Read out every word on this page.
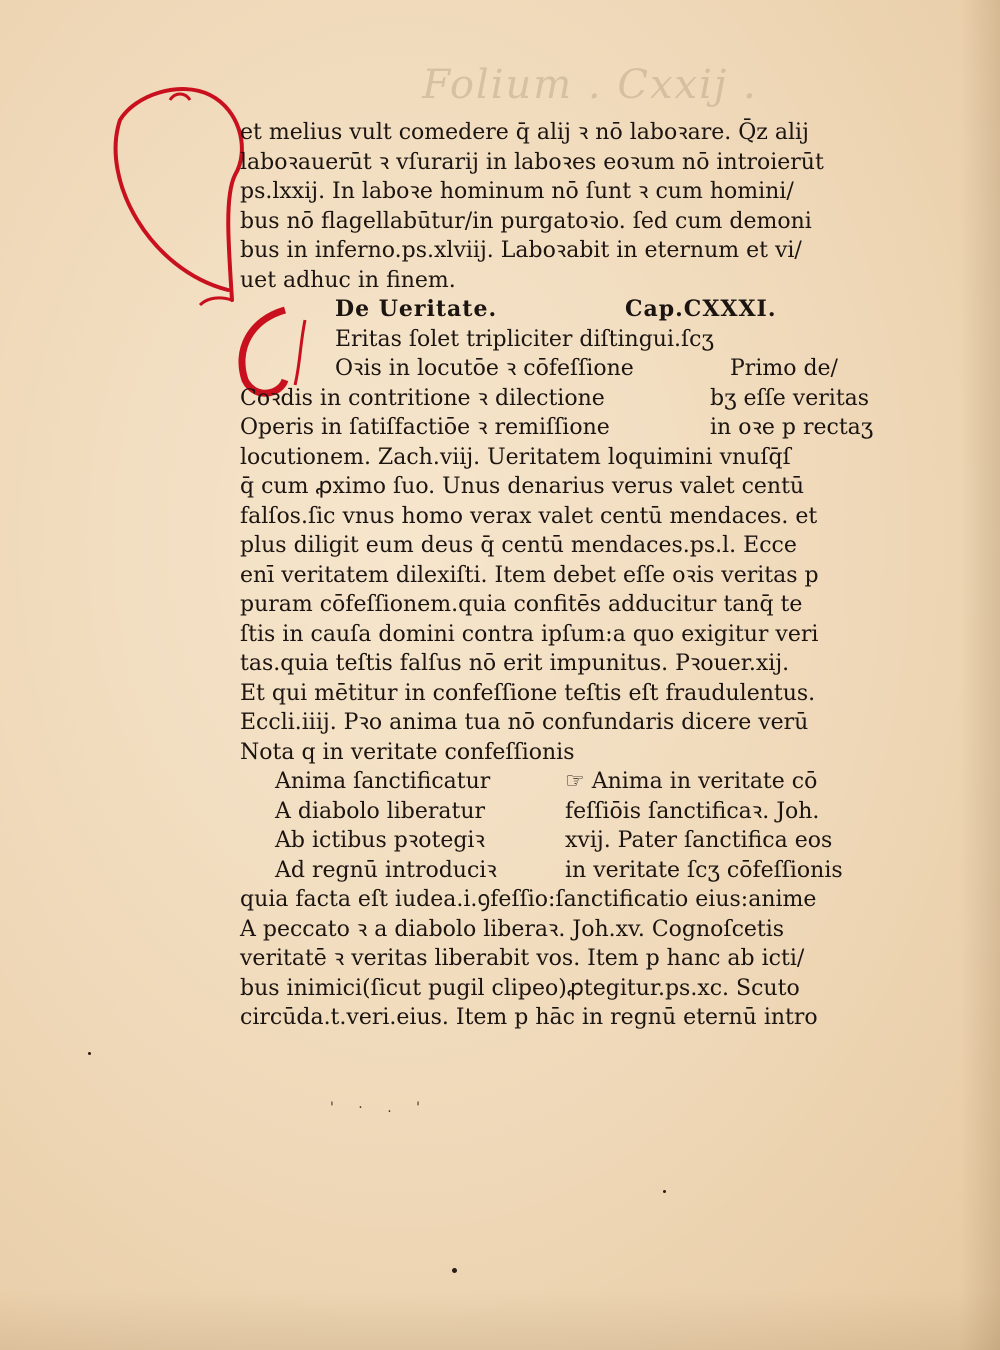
Folium . Cxxij .
et melius vult comedere q̄ alij ꝛ nō laboꝛare. Q̄z alij
laboꝛauerūt ꝛ vſurarij in laboꝛes eoꝛum nō introierūt
ps.lxxij. In laboꝛe hominum nō ſunt ꝛ cum homini/
bus nō flagellabūtur/in purgatoꝛio. ſed cum demoni
bus in inferno.ps.xlviij. Laboꝛabit in eternum et vi/
uet adhuc in finem.
De Ueritate.	Cap.CXXXI.
Eritas ſolet tripliciter diſtingui.ſcʒ
Oꝛis in locutōe ꝛ cōfeſſione	Primo de/
Coꝛdis in contritione ꝛ dilectione	bʒ eſſe veritas
Operis in ſatiſfactiōe ꝛ remiſſione	in oꝛe p rectaʒ
locutionem. Zach.viij. Ueritatem loquimini vnuſq̄ſ
q̄ cum ꝓximo ſuo. Unus denarius verus valet centū
falſos.ſic vnus homo verax valet centū mendaces. et
plus diligit eum deus q̄ centū mendaces.ps.l. Ecce
enī veritatem dilexiſti. Item debet eſſe oꝛis veritas p
puram cōfeſſionem.quia confitēs adducitur tanq̄ te
ſtis in cauſa domini contra ipſum:a quo exigitur veri
tas.quia teſtis falſus nō erit impunitus. Pꝛouer.xij.
Et qui mētitur in confeſſione teſtis eſt fraudulentus.
Eccli.iiij. Pꝛo anima tua nō confundaris dicere verū
Nota q in veritate confeſſionis
Anima ſanctificatur	☞ Anima in veritate cō
A diabolo liberatur	feſſiōis ſanctificaꝛ. Joh.
Ab ictibus pꝛotegiꝛ	xvij. Pater ſanctifica eos
Ad regnū introduciꝛ	in veritate ſcʒ cōfeſſionis
quia facta eſt iudea.i.ꝯfeſſio:ſanctificatio eius:anime
A peccato ꝛ a diabolo liberaꝛ. Joh.xv. Cognoſcetis
veritatē ꝛ veritas liberabit vos. Item p hanc ab icti/
bus inimici(ſicut pugil clipeo)ꝓtegitur.ps.xc. Scuto
circūda.t.veri.eius. Item p hāc in regnū eternū intro
' · . '
